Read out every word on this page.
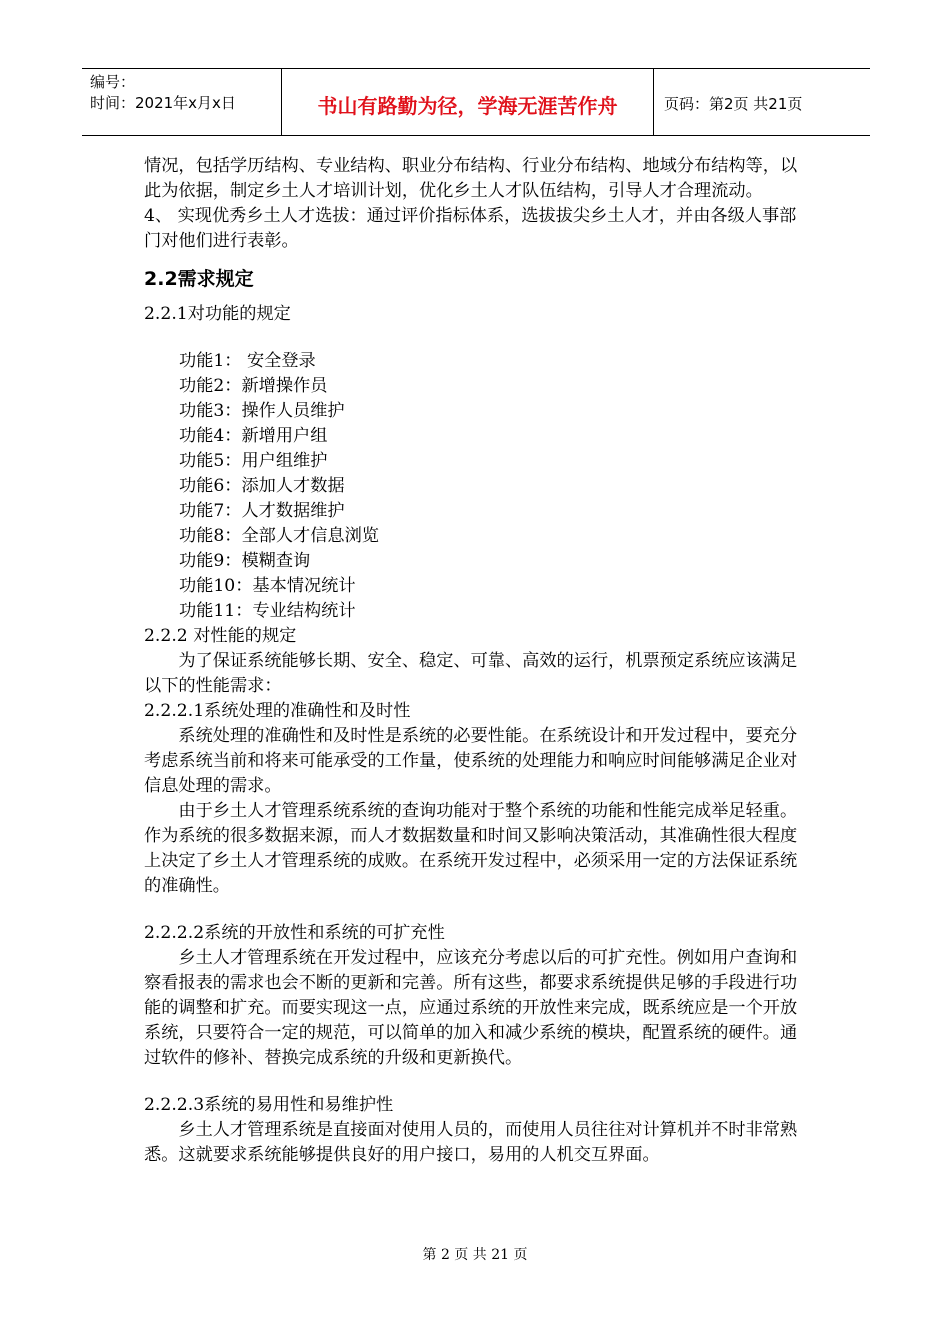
编号：
时间：2021年x月x日	书山有路勤为径，学海无涯苦作舟	页码：第2页 共21页

情况，包括学历结构、专业结构、职业分布结构、行业分布结构、地域分布结构等，以此为依据，制定乡土人才培训计划，优化乡土人才队伍结构，引导人才合理流动。

4、 实现优秀乡土人才选拔：通过评价指标体系，选拔拔尖乡土人才，并由各级人事部门对他们进行表彰。

2.2需求规定

2.2.1对功能的规定

功能1： 安全登录
功能2：新增操作员
功能3：操作人员维护
功能4：新增用户组
功能5：用户组维护
功能6：添加人才数据
功能7：人才数据维护
功能8：全部人才信息浏览
功能9：模糊查询
功能10：基本情况统计
功能11：专业结构统计

2.2.2 对性能的规定

为了保证系统能够长期、安全、稳定、可靠、高效的运行，机票预定系统应该满足以下的性能需求：

2.2.2.1系统处理的准确性和及时性

系统处理的准确性和及时性是系统的必要性能。在系统设计和开发过程中，要充分考虑系统当前和将来可能承受的工作量，使系统的处理能力和响应时间能够满足企业对信息处理的需求。

由于乡土人才管理系统系统的查询功能对于整个系统的功能和性能完成举足轻重。作为系统的很多数据来源，而人才数据数量和时间又影响决策活动，其准确性很大程度上决定了乡土人才管理系统的成败。在系统开发过程中，必须采用一定的方法保证系统的准确性。

2.2.2.2系统的开放性和系统的可扩充性

乡土人才管理系统在开发过程中，应该充分考虑以后的可扩充性。例如用户查询和察看报表的需求也会不断的更新和完善。所有这些，都要求系统提供足够的手段进行功能的调整和扩充。而要实现这一点，应通过系统的开放性来完成，既系统应是一个开放系统，只要符合一定的规范，可以简单的加入和减少系统的模块，配置系统的硬件。通过软件的修补、替换完成系统的升级和更新换代。

2.2.2.3系统的易用性和易维护性

乡土人才管理系统是直接面对使用人员的，而使用人员往往对计算机并不时非常熟悉。这就要求系统能够提供良好的用户接口，易用的人机交互界面。

第 2 页 共 21 页
